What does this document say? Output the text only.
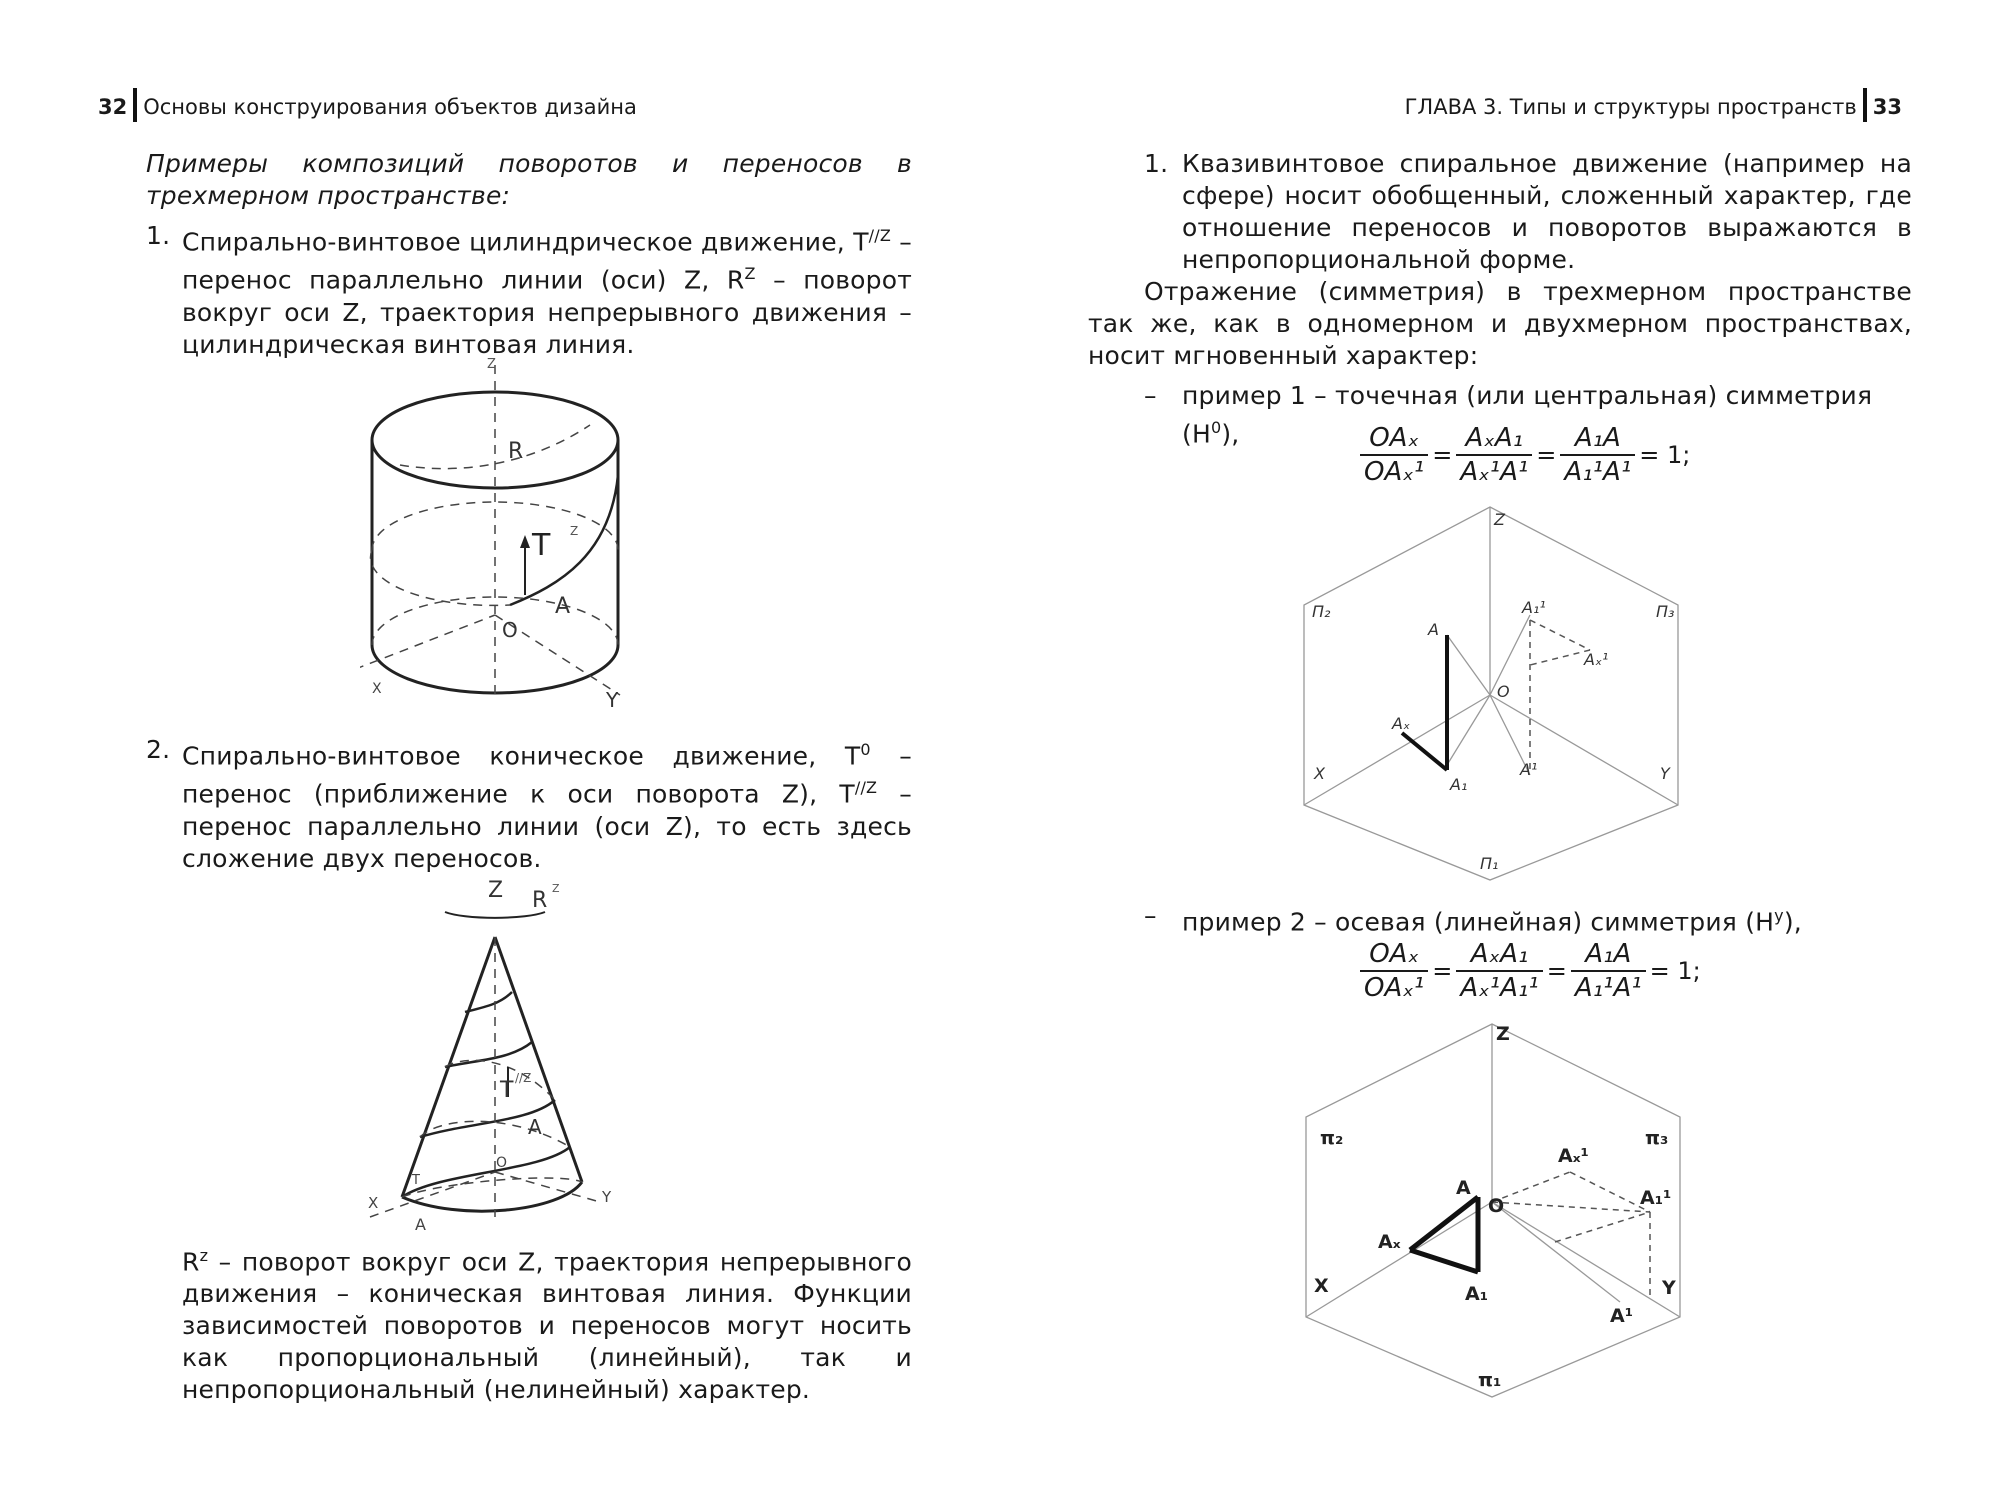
32 Основы конструирования объектов дизайна
Примеры композиций поворотов и переносов в трехмерном пространстве:
1. Спирально-винтовое цилиндрическое движение, $T^{//Z}$ – перенос параллельно линии (оси) Z, $R^Z$ – поворот вокруг оси Z, траектория непрерывного движения – цилиндрическая винтовая линия.
Z
R
T Z
A
O
X	Y
2. Спирально-винтовое коническое движение, $T^0$ – перенос (приближение к оси поворота Z), $T^{//Z}$ – перенос параллельно линии (оси Z), то есть здесь сложение двух переносов.
Z R Z
T //Z
A
O
X	Y
T
A
$R^z$ – поворот вокруг оси Z, траектория непрерывного движения – коническая винтовая линия. Функции зависимостей поворотов и переносов могут носить как пропорциональный (линейный), так и непропорциональный (нелинейный) характер.
ГЛАВА 3. Типы и структуры пространств 33
1. Квазивинтовое спиральное движение (например на сфере) носит обобщенный, сложенный характер, где отношение переносов и поворотов выражаются в непропорциональной форме.
Отражение (симметрия) в трехмерном пространстве так же, как в одномерном и двухмерном пространствах, носит мгновенный характер:
– пример 1 – точечная (или центральная) симметрия $(H^0)$,	$\frac{\text{OAₓ}}{\text{OAₓ¹}} = \frac{\text{AₓA₁}}{\text{Aₓ¹A¹}} = \frac{\text{A₁A}}{\text{A₁¹A¹}} = 1$;
Z
П₂	П₃
П₁
A
A₁¹
Aₓ¹
O
Aₓ
A₁
A¹
X	Y
– пример 2 – осевая (линейная) симметрия $(H^y)$,
$\frac{\text{OAₓ}}{\text{OAₓ¹}} = \frac{\text{AₓA₁}}{\text{Aₓ¹A₁¹}} = \frac{\text{A₁A}}{\text{A₁¹A¹}} = 1$;
Z
π₂	π₃
π₁
A
O
Aₓ¹
A₁¹
Aₓ
A₁
A¹
X	Y
